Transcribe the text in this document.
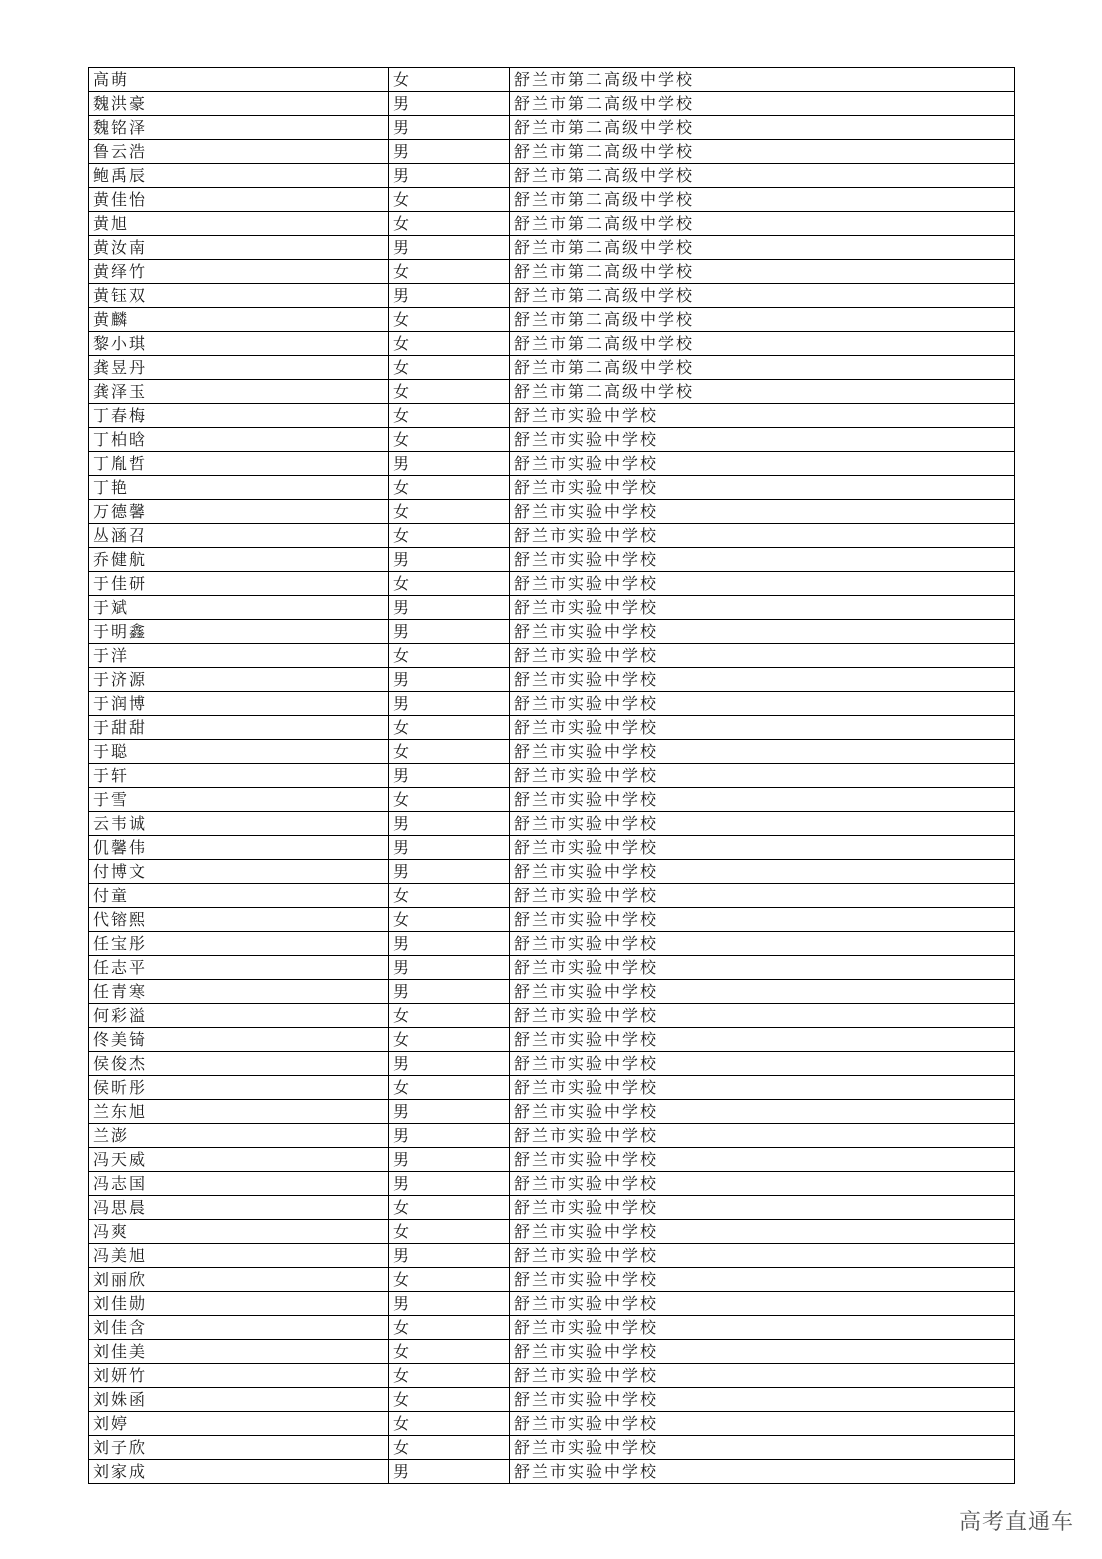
高萌	女	舒兰市第二高级中学校
魏洪豪	男	舒兰市第二高级中学校
魏铭泽	男	舒兰市第二高级中学校
鲁云浩	男	舒兰市第二高级中学校
鲍禹辰	男	舒兰市第二高级中学校
黄佳怡	女	舒兰市第二高级中学校
黄旭	女	舒兰市第二高级中学校
黄汝南	男	舒兰市第二高级中学校
黄绎竹	女	舒兰市第二高级中学校
黄钰双	男	舒兰市第二高级中学校
黄麟	女	舒兰市第二高级中学校
黎小琪	女	舒兰市第二高级中学校
龚昱丹	女	舒兰市第二高级中学校
龚泽玉	女	舒兰市第二高级中学校
丁春梅	女	舒兰市实验中学校
丁柏晗	女	舒兰市实验中学校
丁胤哲	男	舒兰市实验中学校
丁艳	女	舒兰市实验中学校
万德馨	女	舒兰市实验中学校
丛涵召	女	舒兰市实验中学校
乔健航	男	舒兰市实验中学校
于佳研	女	舒兰市实验中学校
于斌	男	舒兰市实验中学校
于明鑫	男	舒兰市实验中学校
于洋	女	舒兰市实验中学校
于济源	男	舒兰市实验中学校
于润博	男	舒兰市实验中学校
于甜甜	女	舒兰市实验中学校
于聪	女	舒兰市实验中学校
于轩	男	舒兰市实验中学校
于雪	女	舒兰市实验中学校
云韦诚	男	舒兰市实验中学校
仉馨伟	男	舒兰市实验中学校
付博文	男	舒兰市实验中学校
付童	女	舒兰市实验中学校
代镕熙	女	舒兰市实验中学校
任宝彤	男	舒兰市实验中学校
任志平	男	舒兰市实验中学校
任青寒	男	舒兰市实验中学校
何彩溢	女	舒兰市实验中学校
佟美锜	女	舒兰市实验中学校
侯俊杰	男	舒兰市实验中学校
侯昕彤	女	舒兰市实验中学校
兰东旭	男	舒兰市实验中学校
兰澎	男	舒兰市实验中学校
冯天威	男	舒兰市实验中学校
冯志国	男	舒兰市实验中学校
冯思晨	女	舒兰市实验中学校
冯爽	女	舒兰市实验中学校
冯美旭	男	舒兰市实验中学校
刘丽欣	女	舒兰市实验中学校
刘佳勋	男	舒兰市实验中学校
刘佳含	女	舒兰市实验中学校
刘佳美	女	舒兰市实验中学校
刘妍竹	女	舒兰市实验中学校
刘姝函	女	舒兰市实验中学校
刘婷	女	舒兰市实验中学校
刘子欣	女	舒兰市实验中学校
刘家成	男	舒兰市实验中学校
高考直通车
